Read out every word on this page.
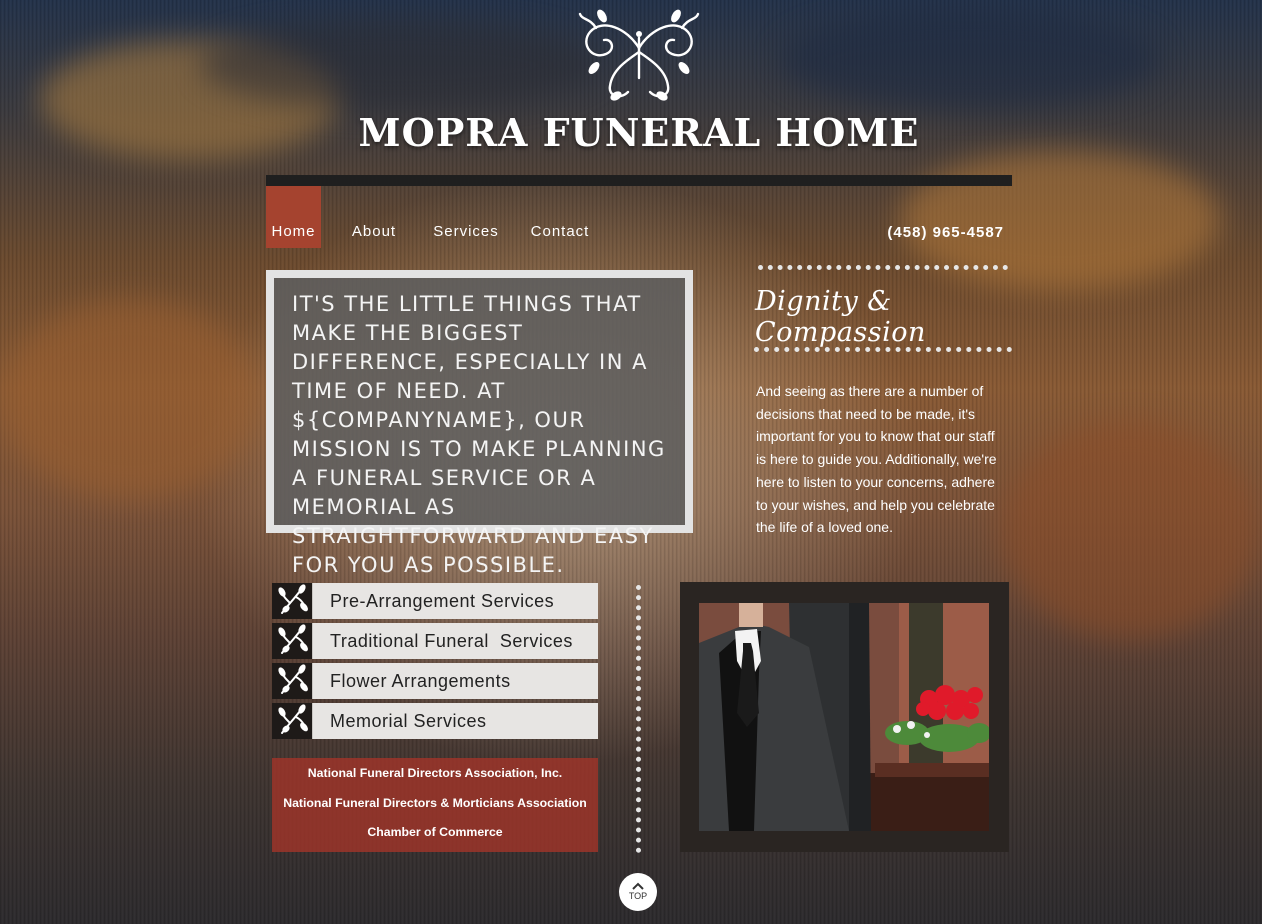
MOPRA FUNERAL HOME
Home	About	Services	Contact	(458) 965-4587
IT'S THE LITTLE THINGS THAT MAKE THE BIGGEST DIFFERENCE, ESPECIALLY IN A TIME OF NEED. AT ${COMPANYNAME}, OUR MISSION IS TO MAKE PLANNING A FUNERAL SERVICE OR A MEMORIAL AS STRAIGHTFORWARD AND EASY FOR YOU AS POSSIBLE.
Dignity & Compassion
And seeing as there are a number of decisions that need to be made, it's important for you to know that our staff is here to guide you. Additionally, we're here to listen to your concerns, adhere to your wishes, and help you celebrate the life of a loved one.
Pre-Arrangement Services
Traditional Funeral  Services
Flower Arrangements
Memorial Services
National Funeral Directors Association, Inc.
National Funeral Directors & Morticians Association
Chamber of Commerce
TOP
